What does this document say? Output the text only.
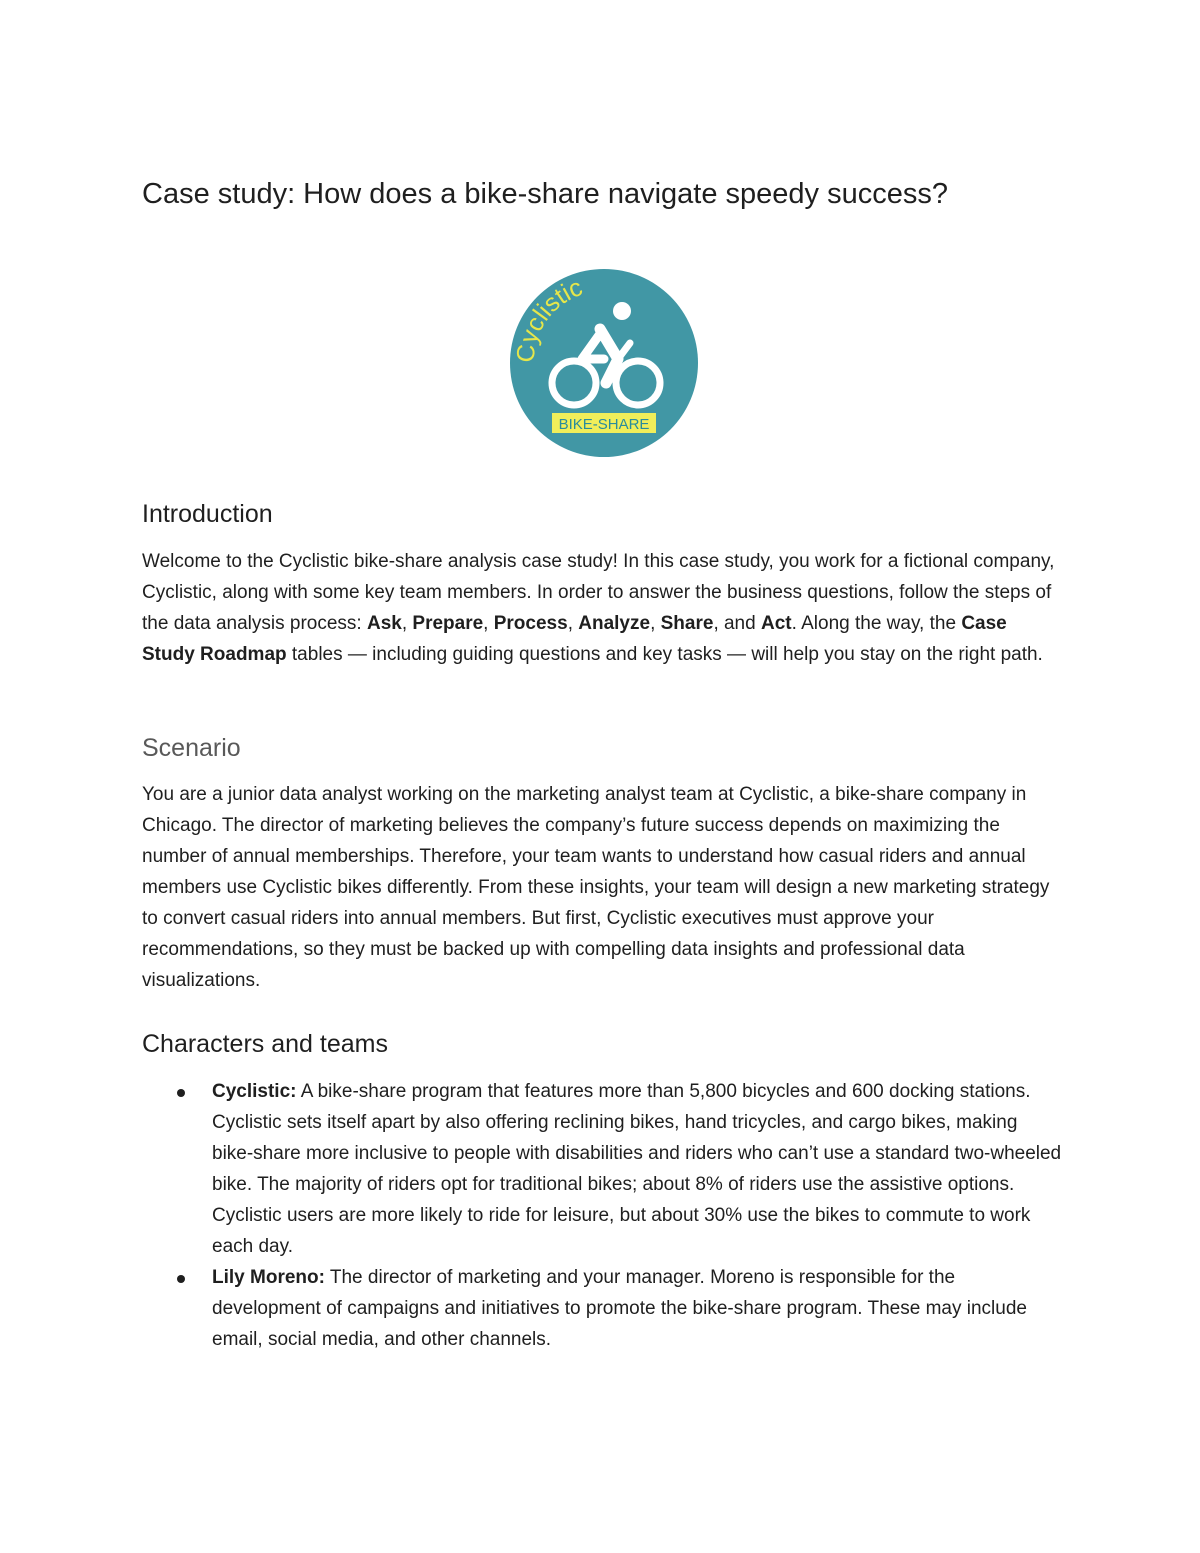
Case study: How does a bike-share navigate speedy success?
Cyclistic
BIKE-SHARE
Introduction

Welcome to the Cyclistic bike-share analysis case study! In this case study, you work for a fictional company, Cyclistic, along with some key team members. In order to answer the business questions, follow the steps of the data analysis process: Ask, Prepare, Process, Analyze, Share, and Act. Along the way, the Case Study Roadmap tables — including guiding questions and key tasks — will help you stay on the right path.

Scenario

You are a junior data analyst working on the marketing analyst team at Cyclistic, a bike-share company in Chicago. The director of marketing believes the company’s future success depends on maximizing the number of annual memberships. Therefore, your team wants to understand how casual riders and annual members use Cyclistic bikes differently. From these insights, your team will design a new marketing strategy to convert casual riders into annual members. But first, Cyclistic executives must approve your recommendations, so they must be backed up with compelling data insights and professional data visualizations.

Characters and teams
Cyclistic: A bike-share program that features more than 5,800 bicycles and 600 docking stations. Cyclistic sets itself apart by also offering reclining bikes, hand tricycles, and cargo bikes, making bike-share more inclusive to people with disabilities and riders who can’t use a standard two-wheeled bike. The majority of riders opt for traditional bikes; about 8% of riders use the assistive options. Cyclistic users are more likely to ride for leisure, but about 30% use the bikes to commute to work each day.
Lily Moreno: The director of marketing and your manager. Moreno is responsible for the development of campaigns and initiatives to promote the bike-share program. These may include email, social media, and other channels.
